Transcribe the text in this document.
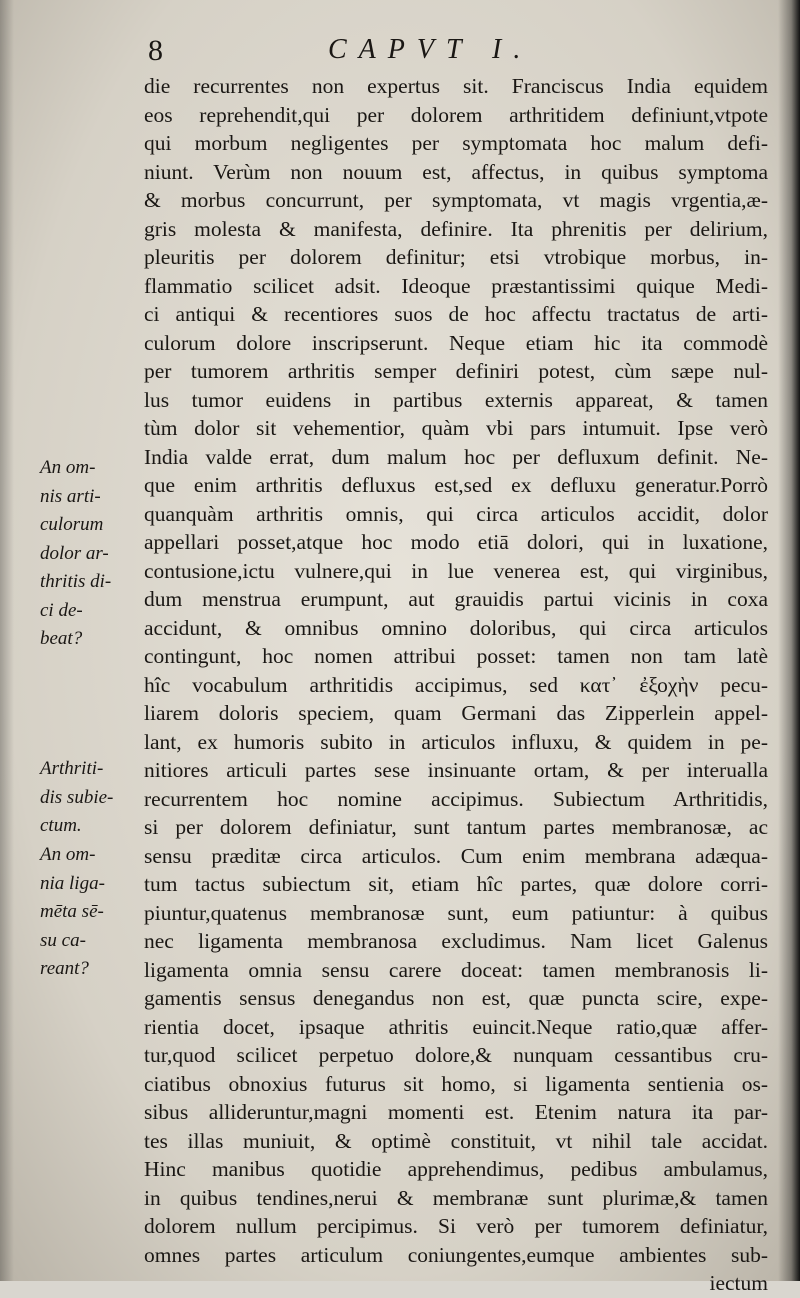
8	CAPVT I.
An om-
nis arti-
culorum
dolor ar-
thritis di-
ci de-
beat?
Arthriti-
dis subie-
ctum.
An om-
nia liga-
mēta sē-
su ca-
reant?
die recurrentes non expertus sit. Franciscus India equidem
eos reprehendit,qui per dolorem arthritidem definiunt,vtpote
qui morbum negligentes per symptomata hoc malum defi-
niunt. Verùm non nouum est, affectus, in quibus symptoma
& morbus concurrunt, per symptomata, vt magis vrgentia,æ-
gris molesta & manifesta, definire. Ita phrenitis per delirium,
pleuritis per dolorem definitur; etsi vtrobique morbus, in-
flammatio scilicet adsit. Ideoque præstantissimi quique Medi-
ci antiqui & recentiores suos de hoc affectu tractatus de arti-
culorum dolore inscripserunt. Neque etiam hic ita commodè
per tumorem arthritis semper definiri potest, cùm sæpe nul-
lus tumor euidens in partibus externis appareat, & tamen
tùm dolor sit vehementior, quàm vbi pars intumuit. Ipse verò
India valde errat, dum malum hoc per defluxum definit. Ne-
que enim arthritis defluxus est,sed ex defluxu generatur.Porrò
quanquàm arthritis omnis, qui circa articulos accidit, dolor
appellari posset,atque hoc modo etiā dolori, qui in luxatione,
contusione,ictu vulnere,qui in lue venerea est, qui virginibus,
dum menstrua erumpunt, aut grauidis partui vicinis in coxa
accidunt, & omnibus omnino doloribus, qui circa articulos
contingunt, hoc nomen attribui posset: tamen non tam latè
hîc vocabulum arthritidis accipimus, sed κατ᾽ ἐξοχὴν pecu-
liarem doloris speciem, quam Germani das Zipperlein appel-
lant, ex humoris subito in articulos influxu, & quidem in pe-
nitiores articuli partes sese insinuante ortam, & per interualla
recurrentem hoc nomine accipimus. Subiectum Arthritidis,
si per dolorem definiatur, sunt tantum partes membranosæ, ac
sensu præditæ circa articulos. Cum enim membrana adæqua-
tum tactus subiectum sit, etiam hîc partes, quæ dolore corri-
piuntur,quatenus membranosæ sunt, eum patiuntur: à quibus
nec ligamenta membranosa excludimus. Nam licet Galenus
ligamenta omnia sensu carere doceat: tamen membranosis li-
gamentis sensus denegandus non est, quæ puncta scire, expe-
rientia docet, ipsaque athritis euincit.Neque ratio,quæ affer-
tur,quod scilicet perpetuo dolore,& nunquam cessantibus cru-
ciatibus obnoxius futurus sit homo, si ligamenta sentienia os-
sibus allideruntur,magni momenti est. Etenim natura ita par-
tes illas muniuit, & optimè constituit, vt nihil tale accidat.
Hinc manibus quotidie apprehendimus, pedibus ambulamus,
in quibus tendines,nerui & membranæ sunt plurimæ,& tamen
dolorem nullum percipimus. Si verò per tumorem definiatur,
omnes partes articulum coniungentes,eumque ambientes sub-
iectum
